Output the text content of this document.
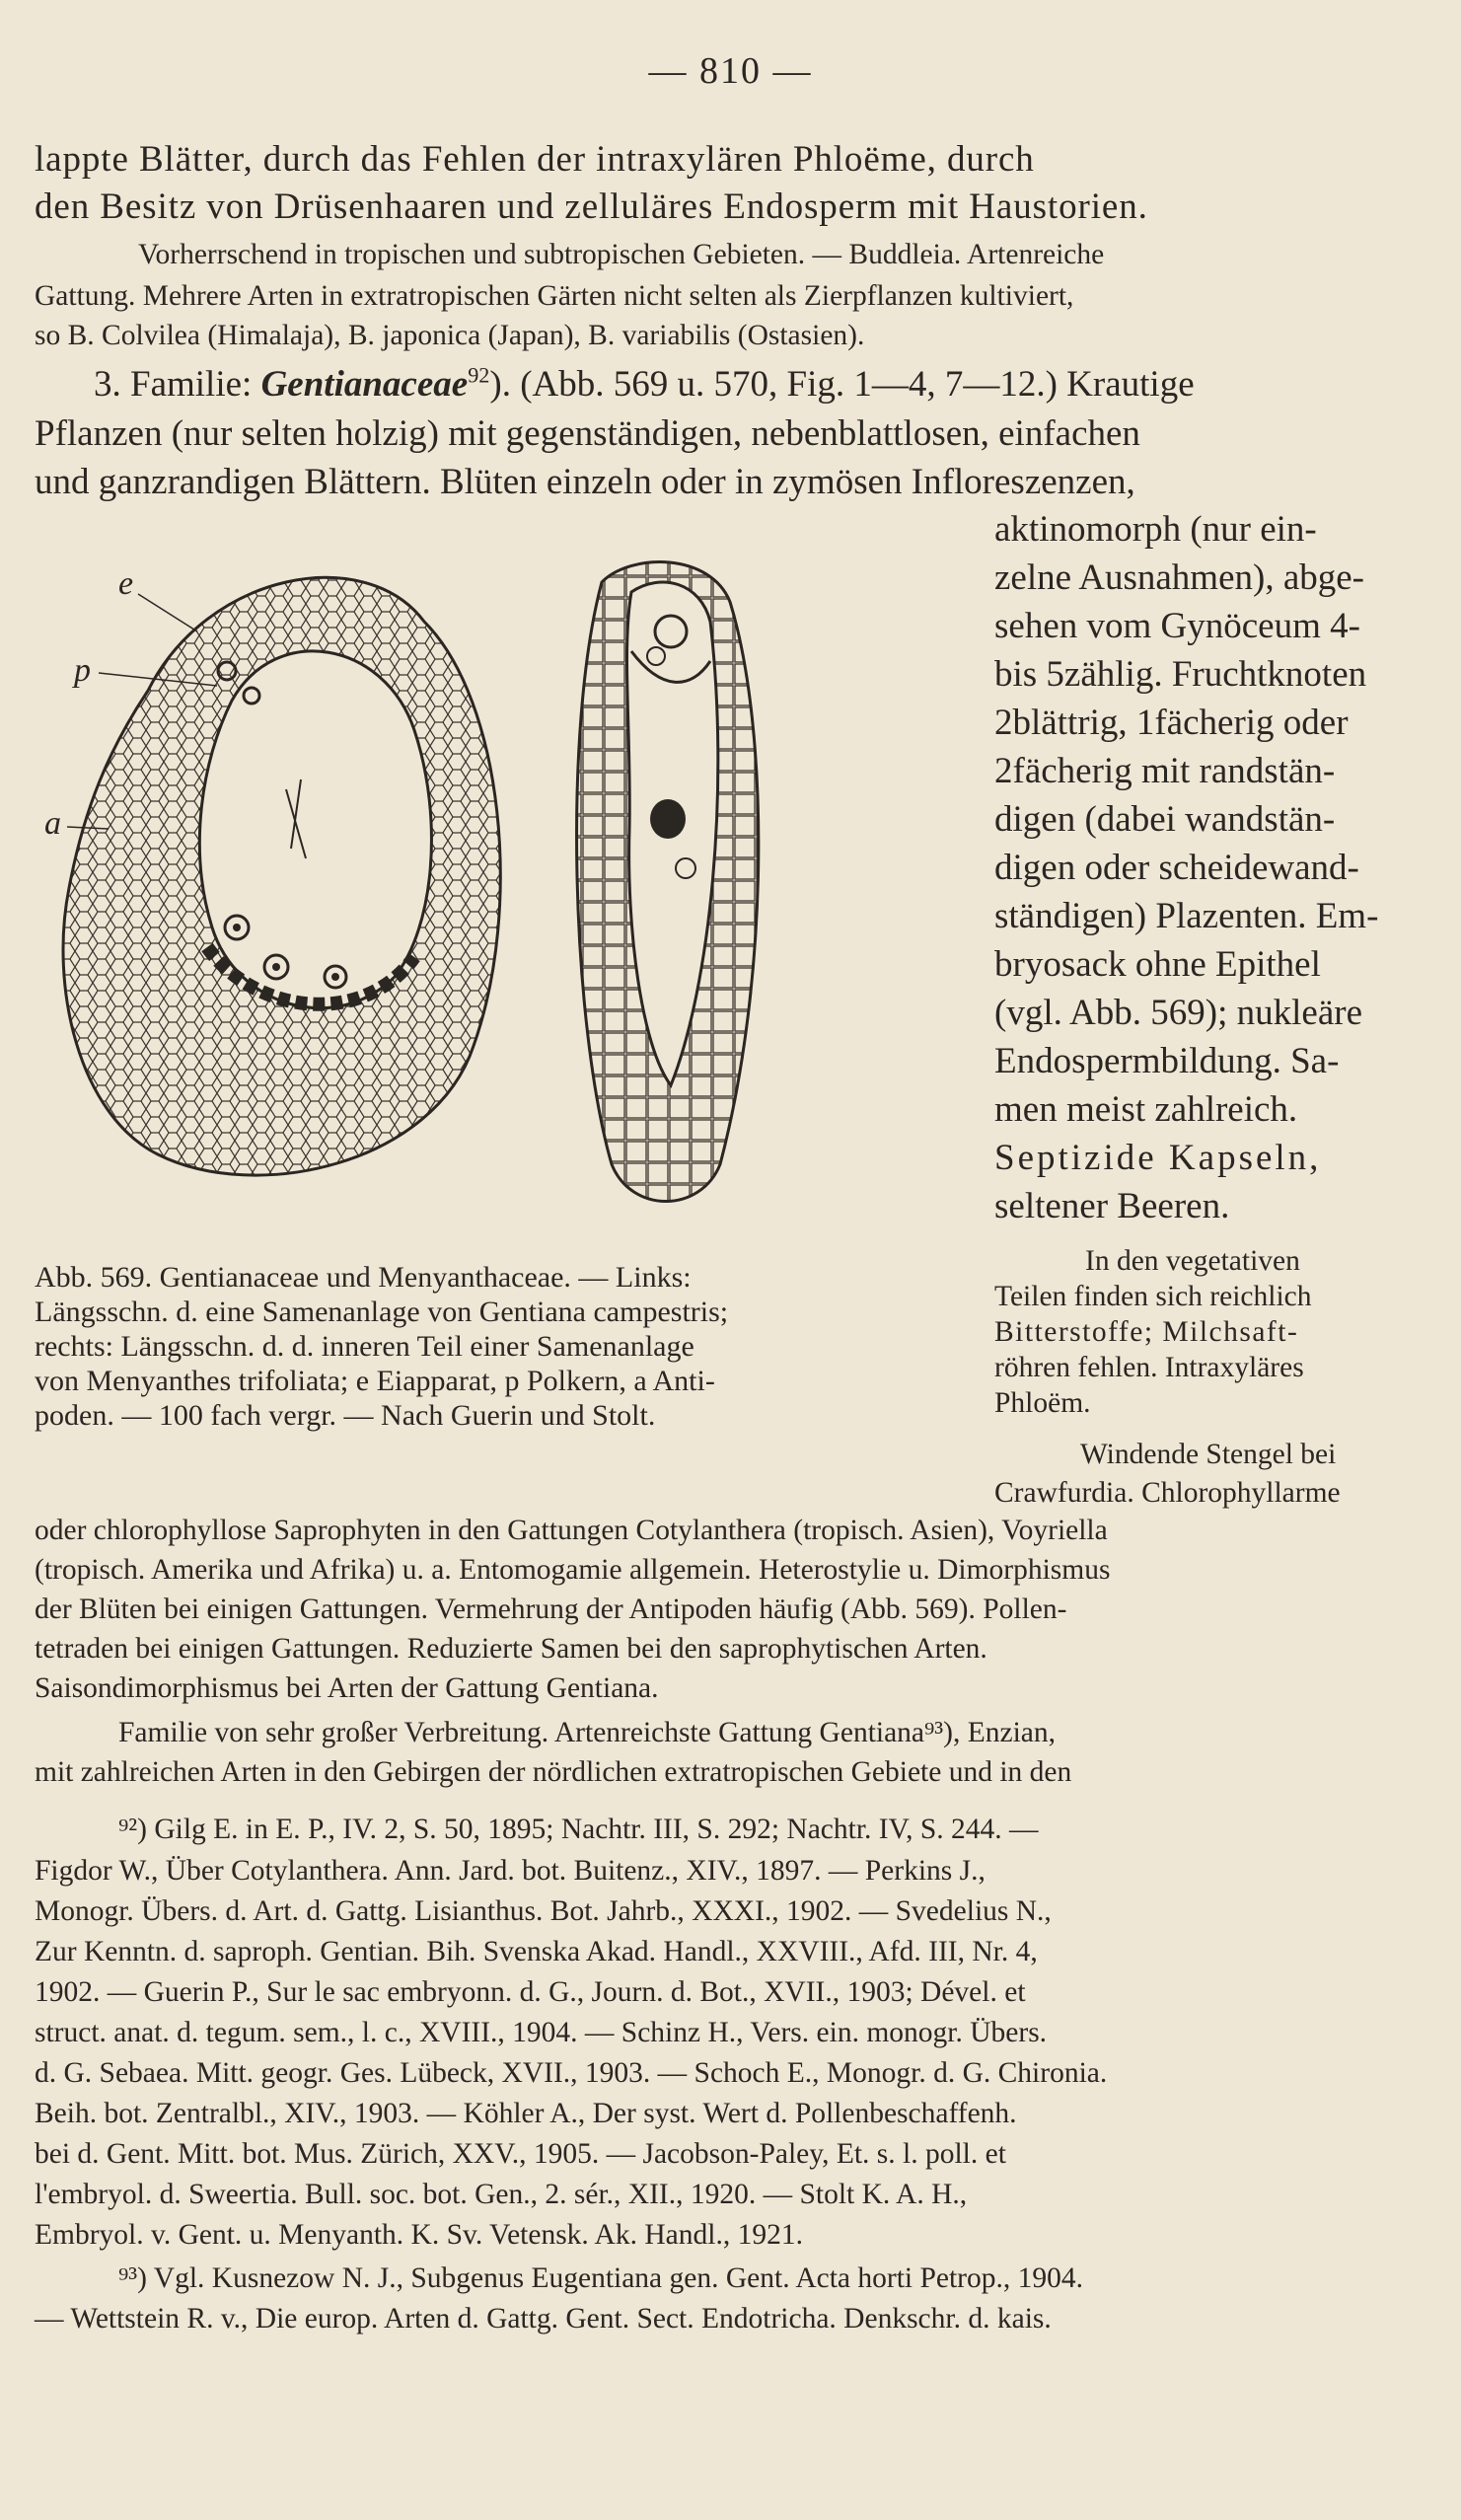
— 810 —
lappte Blätter, durch das Fehlen der intraxylären Phloëme, durch
den Besitz von Drüsenhaaren und zelluläres Endosperm mit Haustorien.
Vorherrschend in tropischen und subtropischen Gebieten. — Buddleia. Artenreiche
Gattung. Mehrere Arten in extratropischen Gärten nicht selten als Zierpflanzen kultiviert,
so B. Colvilea (Himalaja), B. japonica (Japan), B. variabilis (Ostasien).
3. Familie: Gentianaceae$^{92}$). (Abb. 569 u. 570, Fig. 1—4, 7—12.) Krautige
Pflanzen (nur selten holzig) mit gegenständigen, nebenblattlosen, einfachen
und ganzrandigen Blättern. Blüten einzeln oder in zymösen Infloreszenzen,
aktinomorph (nur ein-
zelne Ausnahmen), abge-
sehen vom Gynöceum 4-
bis 5zählig. Fruchtknoten
2blättrig, 1fächerig oder
2fächerig mit randstän-
digen (dabei wandstän-
digen oder scheidewand-
ständigen) Plazenten. Em-
bryosack ohne Epithel
(vgl. Abb. 569); nukleäre
Endospermbildung. Sa-
men meist zahlreich.
Septizide Kapseln,
seltener Beeren.
In den vegetativen
Teilen finden sich reichlich
Bitterstoffe; Milchsaft-
röhren fehlen. Intraxyläres
Phloëm.
Windende Stengel bei
Crawfurdia. Chlorophyllarme
e
p
a
Abb. 569. Gentianaceae und Menyanthaceae. — Links:
Längsschn. d. eine Samenanlage von Gentiana campestris;
rechts: Längsschn. d. d. inneren Teil einer Samenanlage
von Menyanthes trifoliata; e Eiapparat, p Polkern, a Anti-
poden. — 100 fach vergr. — Nach Guerin und Stolt.
oder chlorophyllose Saprophyten in den Gattungen Cotylanthera (tropisch. Asien), Voyriella
(tropisch. Amerika und Afrika) u. a. Entomogamie allgemein. Heterostylie u. Dimorphismus
der Blüten bei einigen Gattungen. Vermehrung der Antipoden häufig (Abb. 569). Pollen-
tetraden bei einigen Gattungen. Reduzierte Samen bei den saprophytischen Arten.
Saisondimorphismus bei Arten der Gattung Gentiana.
Familie von sehr großer Verbreitung. Artenreichste Gattung Gentiana⁹³), Enzian,
mit zahlreichen Arten in den Gebirgen der nördlichen extratropischen Gebiete und in den
⁹²) Gilg E. in E. P., IV. 2, S. 50, 1895; Nachtr. III, S. 292; Nachtr. IV, S. 244. —
Figdor W., Über Cotylanthera. Ann. Jard. bot. Buitenz., XIV., 1897. — Perkins J.,
Monogr. Übers. d. Art. d. Gattg. Lisianthus. Bot. Jahrb., XXXI., 1902. — Svedelius N.,
Zur Kenntn. d. saproph. Gentian. Bih. Svenska Akad. Handl., XXVIII., Afd. III, Nr. 4,
1902. — Guerin P., Sur le sac embryonn. d. G., Journ. d. Bot., XVII., 1903; Dével. et
struct. anat. d. tegum. sem., l. c., XVIII., 1904. — Schinz H., Vers. ein. monogr. Übers.
d. G. Sebaea. Mitt. geogr. Ges. Lübeck, XVII., 1903. — Schoch E., Monogr. d. G. Chironia.
Beih. bot. Zentralbl., XIV., 1903. — Köhler A., Der syst. Wert d. Pollenbeschaffenh.
bei d. Gent. Mitt. bot. Mus. Zürich, XXV., 1905. — Jacobson-Paley, Et. s. l. poll. et
l'embryol. d. Sweertia. Bull. soc. bot. Gen., 2. sér., XII., 1920. — Stolt K. A. H.,
Embryol. v. Gent. u. Menyanth. K. Sv. Vetensk. Ak. Handl., 1921.
⁹³) Vgl. Kusnezow N. J., Subgenus Eugentiana gen. Gent. Acta horti Petrop., 1904.
— Wettstein R. v., Die europ. Arten d. Gattg. Gent. Sect. Endotricha. Denkschr. d. kais.
